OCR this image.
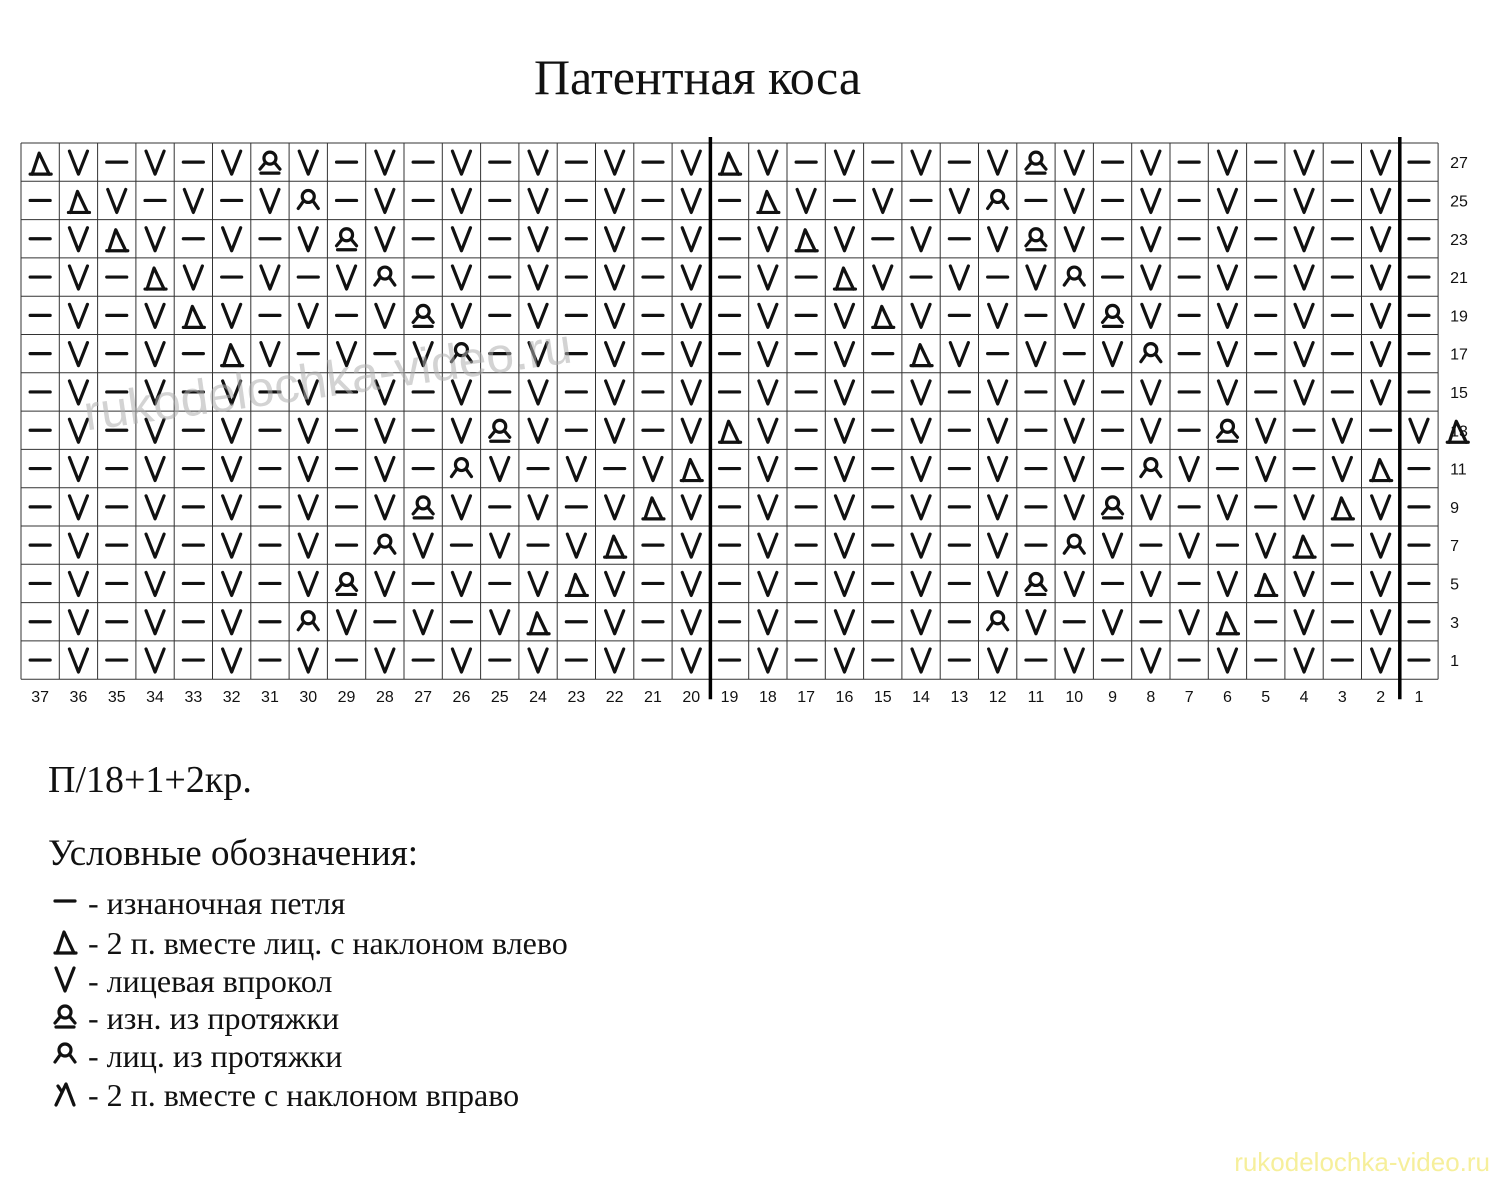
Патентная коса
27
25
23
21
19
17
15
13
11
9
7
5
3
1
37 36 35 34 33 32 31 30 29 28 27 26 25 24 23 22 21 20 19 18 17 16 15 14 13 12 11 10 9 8 7 6 5 4 3 2 1
rukodelochka-video.ru
rukodelochka-video.ru
П/18+1+2кр.
Условные обозначения:
- изнаночная петля
- 2 п. вместе лиц. с наклоном влево
- лицевая впрокол
- изн. из протяжки
- лиц. из протяжки
- 2 п. вместе с наклоном вправо
